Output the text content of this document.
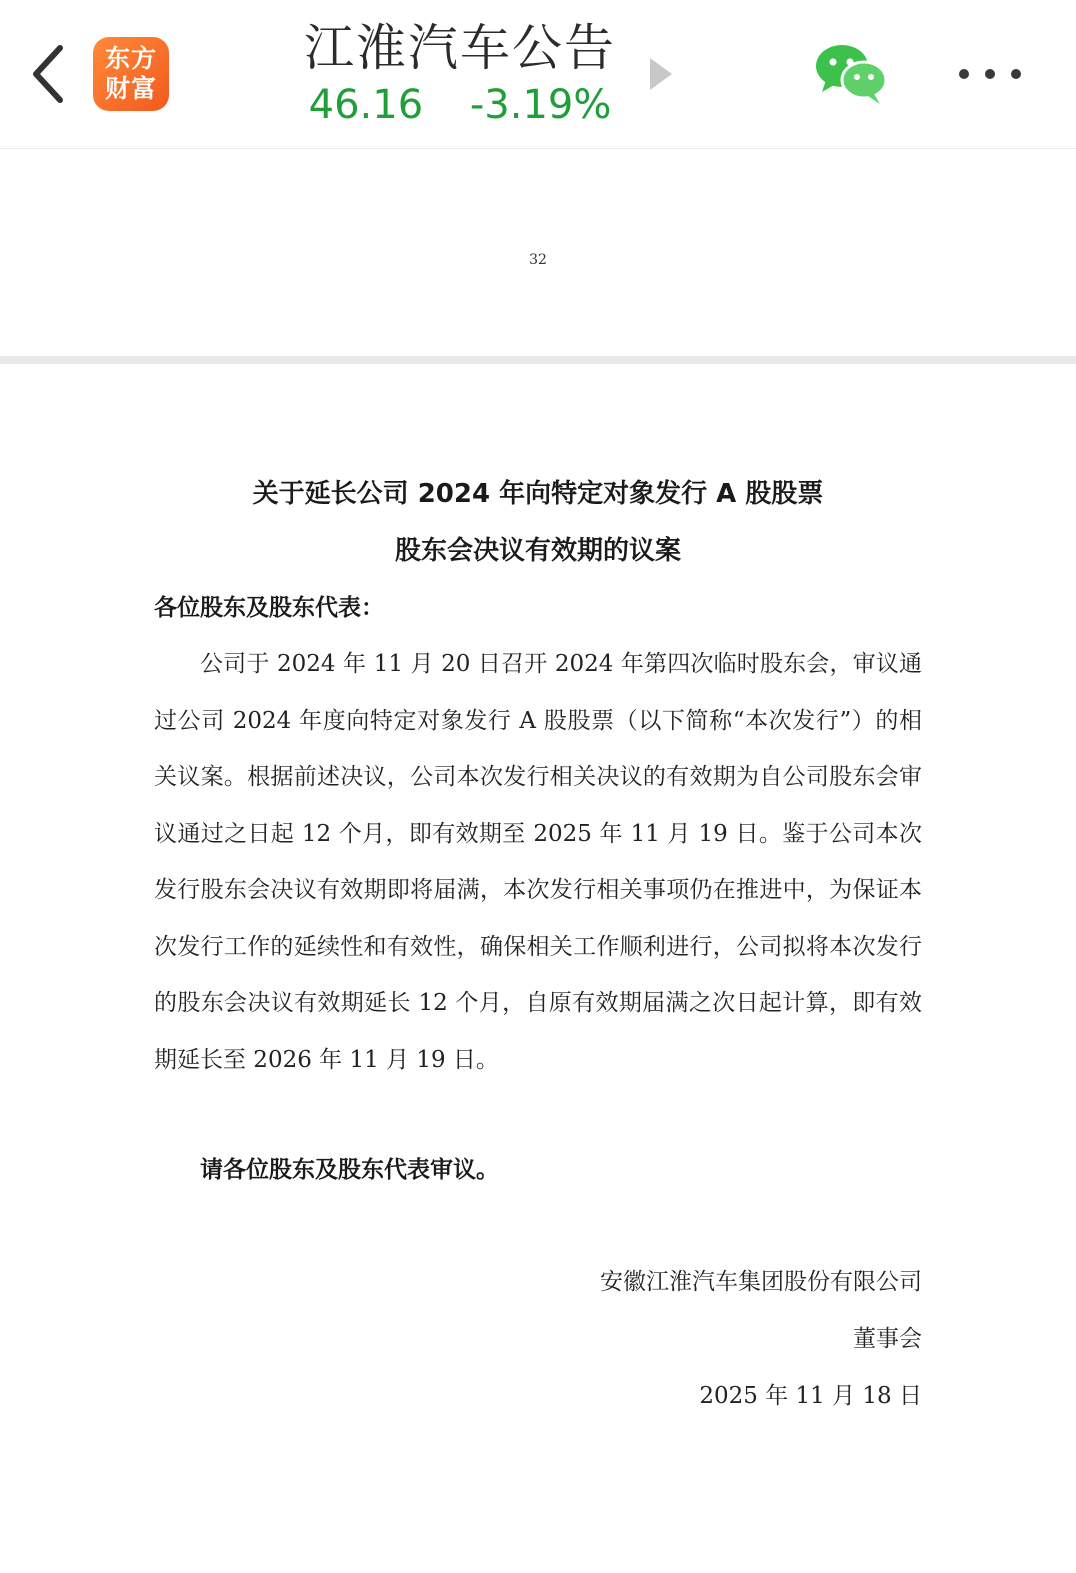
东方
财富
江淮汽车公告
46.16 -3.19%
32

关于延长公司 2024 年向特定对象发行 A 股股票

股东会决议有效期的议案

各位股东及股东代表：

公司于 2024 年 11 月 20 日召开 2024 年第四次临时股东会，审议通过公司 2024 年度向特定对象发行 A 股股票（以下简称“本次发行”）的相关议案。根据前述决议，公司本次发行相关决议的有效期为自公司股东会审议通过之日起 12 个月，即有效期至 2025 年 11 月 19 日。鉴于公司本次发行股东会决议有效期即将届满，本次发行相关事项仍在推进中，为保证本次发行工作的延续性和有效性，确保相关工作顺利进行，公司拟将本次发行的股东会决议有效期延长 12 个月，自原有效期届满之次日起计算，即有效期延长至 2026 年 11 月 19 日。

请各位股东及股东代表审议。

安徽江淮汽车集团股份有限公司
董事会
2025 年 11 月 18 日
